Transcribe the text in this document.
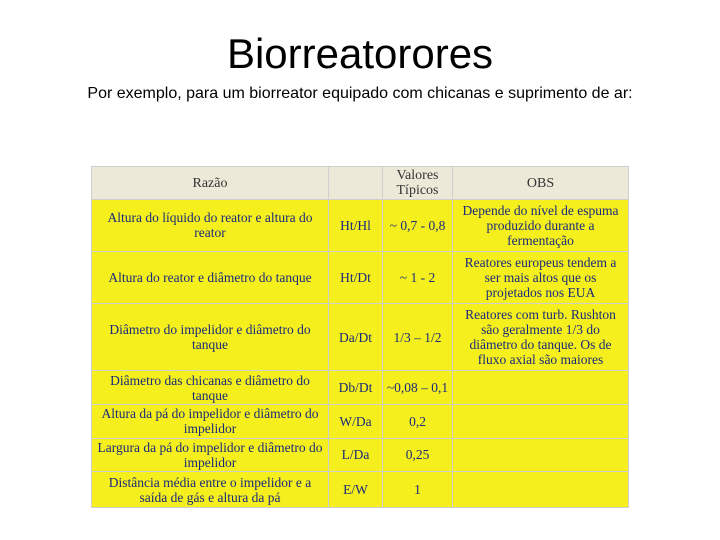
Biorreatorores
Por exemplo, para um biorreator equipado com chicanas e suprimento de ar:
Razão		Valores Típicos	OBS
Altura do líquido do reator e altura do reator	Ht/Hl	~ 0,7 - 0,8	Depende do nível de espuma produzido durante a fermentação
Altura do reator e diâmetro do tanque	Ht/Dt	~ 1 - 2	Reatores europeus tendem a ser mais altos que os projetados nos EUA
Diâmetro do impelidor e diâmetro do tanque	Da/Dt	1/3 – 1/2	Reatores com turb. Rushton são geralmente 1/3 do diâmetro do tanque. Os de fluxo axial são maiores
Diâmetro das chicanas e diâmetro do tanque	Db/Dt	~0,08 – 0,1	
Altura da pá do impelidor e diâmetro do impelidor	W/Da	0,2	
Largura da pá do impelidor e diâmetro do impelidor	L/Da	0,25	
Distância média entre o impelidor e a saída de gás e altura da pá	E/W	1	
